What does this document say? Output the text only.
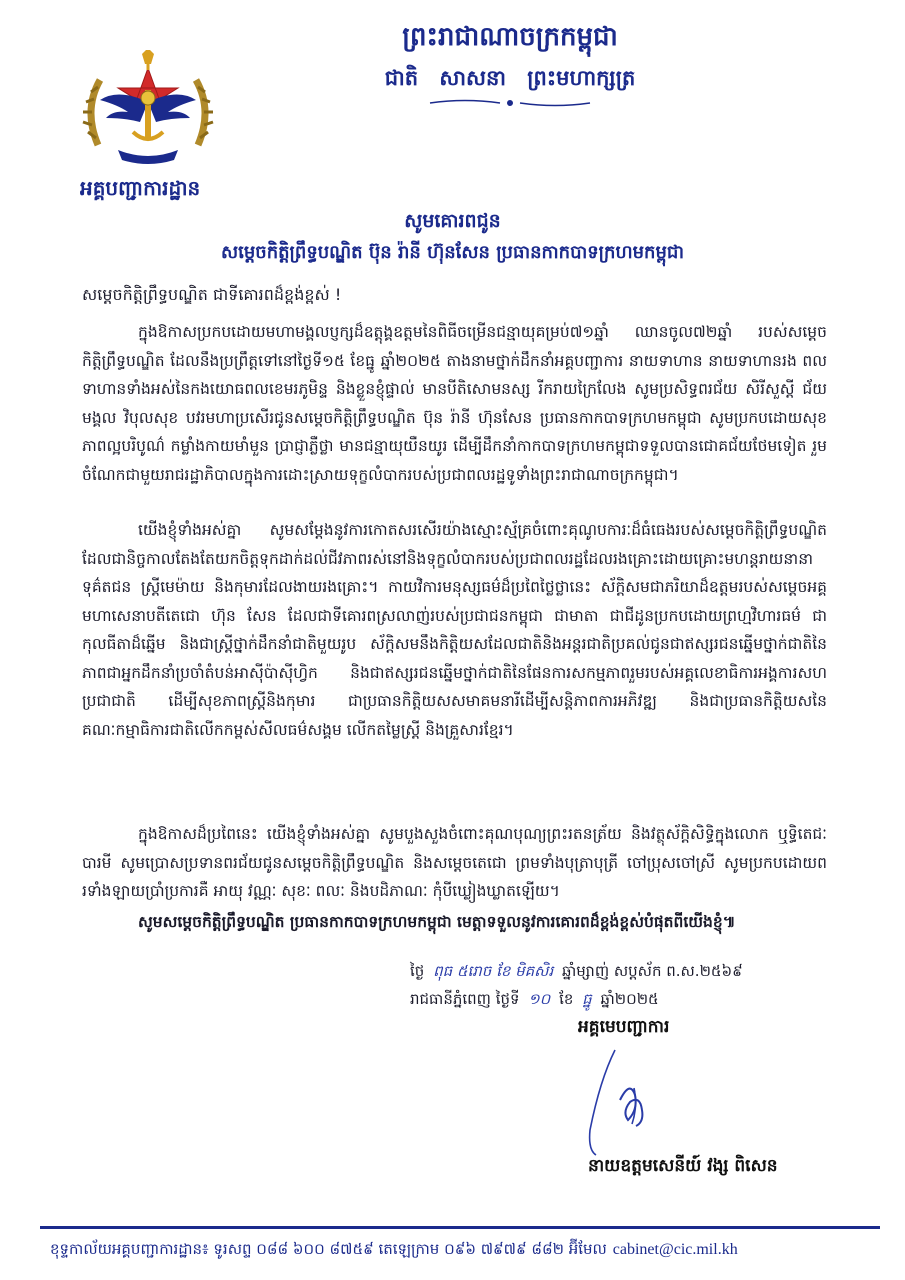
អគ្គបញ្ជាការដ្ឋាន
ព្រះរាជាណាចក្រកម្ពុជា
ជាតិ សាសនា ព្រះមហាក្សត្រ
សូមគោរពជូន
សម្តេចកិត្តិព្រឹទ្ធបណ្ឌិត ប៊ុន រ៉ានី ហ៊ុនសែន ប្រធានកាកបាទក្រហមកម្ពុជា
សម្តេចកិត្តិព្រឹទ្ធបណ្ឌិត ជាទីគោរពដ៏ខ្ពង់ខ្ពស់ !

ក្នុងឱកាសប្រកបដោយមហាមង្គលប្ញក្សដ៏ឧត្តុង្គឧត្តមនៃពិធីចម្រើនជន្មាយុគម្រប់៧១ឆ្នាំ ឈានចូល៧២ឆ្នាំ របស់សម្តេចកិត្តិព្រឹទ្ធបណ្ឌិត ដែលនឹងប្រព្រឹត្តទៅនៅថ្ងៃទី១៥ ខែធ្នូ ឆ្នាំ២០២៥ តាងនាមថ្នាក់ដឹកនាំអគ្គបញ្ជាការ នាយទាហាន នាយទាហានរង ពលទាហានទាំងអស់នៃកងយោធពលខេមរភូមិន្ទ និងខ្លួនខ្ញុំផ្ទាល់ មានបីតិសោមនស្ស រីករាយក្រៃលែង សូមប្រសិទ្ធពរជ័យ សិរីសួស្តី ជ័យមង្គល វិបុលសុខ បវរមហាប្រសើរជូនសម្តេចកិត្តិព្រឹទ្ធបណ្ឌិត ប៊ុន រ៉ានី ហ៊ុនសែន ប្រធានកាកបាទក្រហមកម្ពុជា សូមប្រកបដោយសុខភាពល្អបរិបូណ៌ កម្លាំងកាយមាំមួន ប្រាជ្ញាភ្លឺថ្លា មានជន្មាយុយឺនយូរ ដើម្បីដឹកនាំកាកបាទក្រហមកម្ពុជាទទួលបានជោគជ័យថែមទៀត រួមចំណែកជាមួយរាជរដ្ឋាភិបាលក្នុងការដោះស្រាយទុក្ខលំបាករបស់ប្រជាពលរដ្ឋទូទាំងព្រះរាជាណាចក្រកម្ពុជា។

យើងខ្ញុំទាំងអស់គ្នា សូមសម្តែងនូវការកោតសរសើរយ៉ាងស្មោះស្ម័គ្រចំពោះគុណូបការៈដ៏ធំធេងរបស់សម្តេចកិត្តិព្រឹទ្ធបណ្ឌិត ដែលជានិច្ចកាលតែងតែយកចិត្តទុកដាក់ដល់ជីវភាពរស់នៅនិងទុក្ខលំបាករបស់ប្រជាពលរដ្ឋដែលរងគ្រោះដោយគ្រោះមហន្តរាយនានា ទុគ៌តជន ស្ត្រីមេម៉ាយ និងកុមារដែលងាយរងគ្រោះ។ កាយវិការមនុស្សធម៌ដ៏ប្រពៃថ្លៃថ្លានេះ ស័ក្តិសមជាភរិយាដ៏ឧត្តមរបស់សម្តេចអគ្គមហាសេនាបតីតេជោ ហ៊ុន សែន ដែលជាទីគោរពស្រលាញ់របស់ប្រជាជនកម្ពុជា ជាមាតា ជាជីដូនប្រកបដោយព្រហ្មវិហារធម៌ ជាកុលធីតាដ៏ឆ្នើម និងជាស្ត្រីថ្នាក់ដឹកនាំជាតិមួយរូប ស័ក្តិសមនឹងកិត្តិយសដែលជាតិនិងអន្តរជាតិប្រគល់ជូនជាឥស្សរជនឆ្នើមថ្នាក់ជាតិនៃភាពជាអ្នកដឹកនាំប្រចាំតំបន់អាស៊ីប៉ាស៊ីហ្វិក និងជាឥស្សរជនឆ្នើមថ្នាក់ជាតិនៃផែនការសកម្មភាពរួមរបស់អគ្គលេខាធិការអង្គការសហប្រជាជាតិ ដើម្បីសុខភាពស្ត្រីនិងកុមារ ជាប្រធានកិត្តិយសសមាគមនារីដើម្បីសន្តិភាពការអភិវឌ្ឍ និងជាប្រធានកិត្តិយសនៃគណៈកម្មាធិការជាតិលើកកម្ពស់សីលធម៌សង្គម លើកតម្លៃស្ត្រី និងគ្រួសារខ្មែរ។

ក្នុងឱកាសដ៏ប្រពៃនេះ យើងខ្ញុំទាំងអស់គ្នា សូមបួងសួងចំពោះគុណបុណ្យព្រះរតនត្រ័យ និងវត្ថុស័ក្តិសិទ្ធិក្នុងលោក ឬទ្ធិតេជៈបារមី សូមប្រោសប្រទានពរជ័យជូនសម្តេចកិត្តិព្រឹទ្ធបណ្ឌិត និងសម្តេចតេជោ ព្រមទាំងបុត្រាបុត្រី ចៅប្រុសចៅស្រី សូមប្រកបដោយពរទាំងឡាយប្រាំប្រការគឺ អាយុ វណ្ណៈ សុខៈ ពលៈ និងបដិភាណៈ កុំបីឃ្លៀងឃ្លាតឡើយ។

សូមសម្តេចកិត្តិព្រឹទ្ធបណ្ឌិត ប្រធានកាកបាទក្រហមកម្ពុជា មេត្តាទទួលនូវការគោរពដ៏ខ្ពង់ខ្ពស់បំផុតពីយើងខ្ញុំ៕

ថ្ងៃ ពុធ ៥រោច ខែ មិគសិរ ឆ្នាំម្សាញ់ សប្តស័ក ព.ស.២៥៦៩
រាជធានីភ្នំពេញ ថ្ងៃទី ១០ ខែ ធ្នូ ឆ្នាំ២០២៥
អគ្គមេបញ្ជាការ
នាយឧត្តមសេនីយ៍ វង្ស ពិសេន
ខុទ្ទកាល័យអគ្គបញ្ជាការដ្ឋាន៖ ទូរសព្ទ ០៨៨ ៦០០ ៨៧៥៩ តេឡេក្រាម ០៩៦ ៧៩៧៩ ៨៨២ អ៊ីមែល cabinet@cic.mil.kh
